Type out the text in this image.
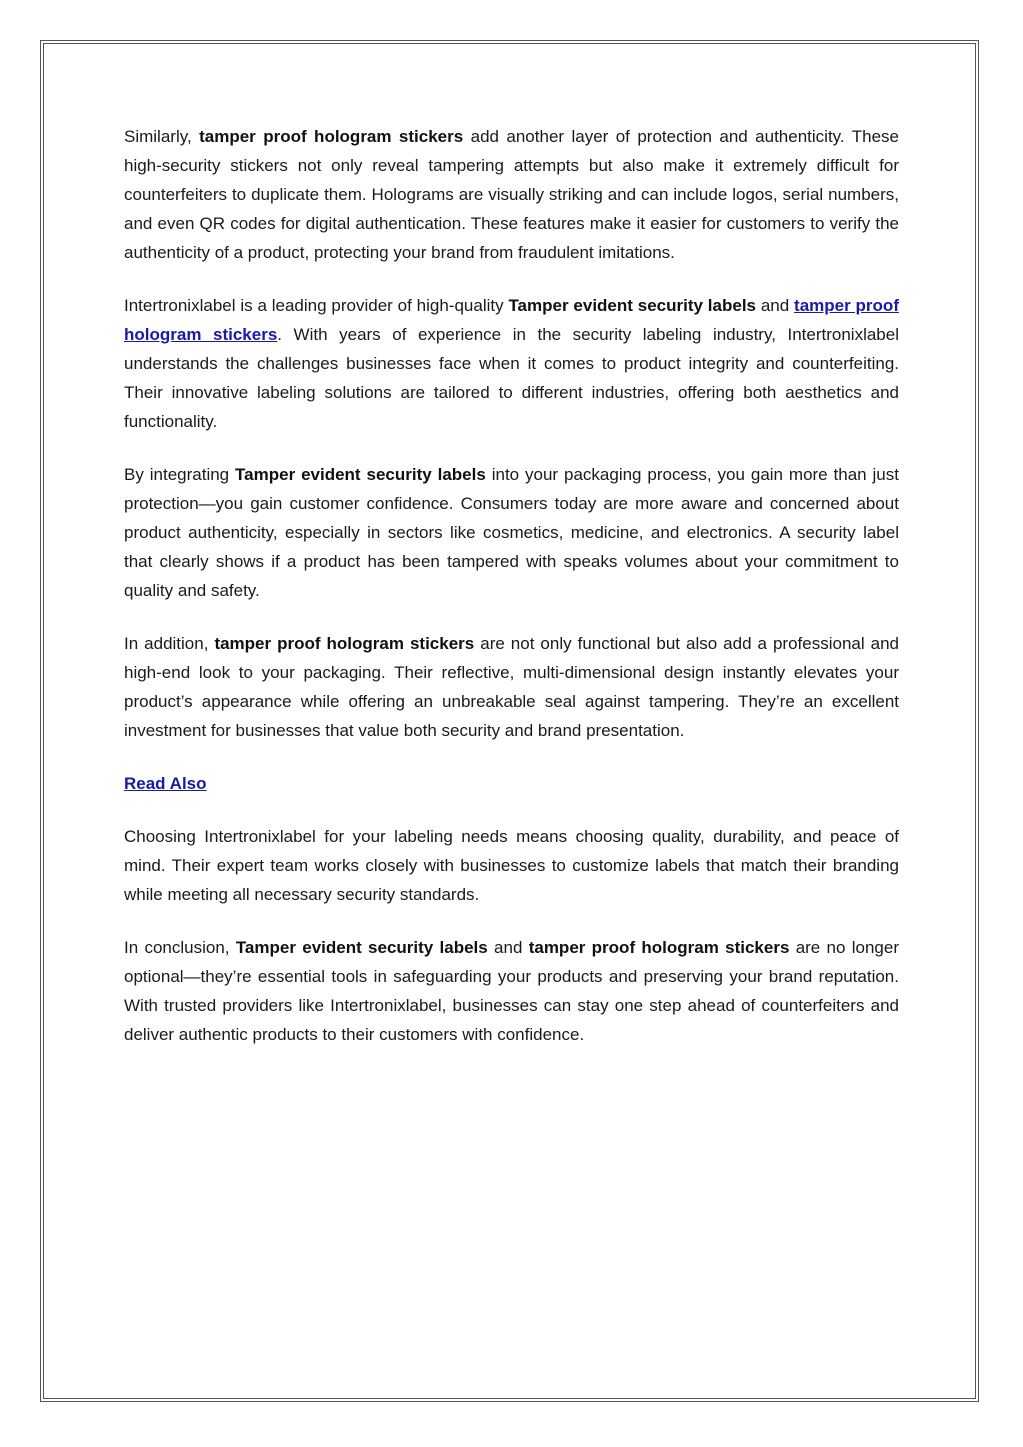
Similarly, tamper proof hologram stickers add another layer of protection and authenticity. These high-security stickers not only reveal tampering attempts but also make it extremely difficult for counterfeiters to duplicate them. Holograms are visually striking and can include logos, serial numbers, and even QR codes for digital authentication. These features make it easier for customers to verify the authenticity of a product, protecting your brand from fraudulent imitations.

Intertronixlabel is a leading provider of high-quality Tamper evident security labels and tamper proof hologram stickers. With years of experience in the security labeling industry, Intertronixlabel understands the challenges businesses face when it comes to product integrity and counterfeiting. Their innovative labeling solutions are tailored to different industries, offering both aesthetics and functionality.

By integrating Tamper evident security labels into your packaging process, you gain more than just protection—you gain customer confidence. Consumers today are more aware and concerned about product authenticity, especially in sectors like cosmetics, medicine, and electronics. A security label that clearly shows if a product has been tampered with speaks volumes about your commitment to quality and safety.

In addition, tamper proof hologram stickers are not only functional but also add a professional and high-end look to your packaging. Their reflective, multi-dimensional design instantly elevates your product’s appearance while offering an unbreakable seal against tampering. They’re an excellent investment for businesses that value both security and brand presentation.

Read Also

Choosing Intertronixlabel for your labeling needs means choosing quality, durability, and peace of mind. Their expert team works closely with businesses to customize labels that match their branding while meeting all necessary security standards.

In conclusion, Tamper evident security labels and tamper proof hologram stickers are no longer optional—they’re essential tools in safeguarding your products and preserving your brand reputation. With trusted providers like Intertronixlabel, businesses can stay one step ahead of counterfeiters and deliver authentic products to their customers with confidence.
